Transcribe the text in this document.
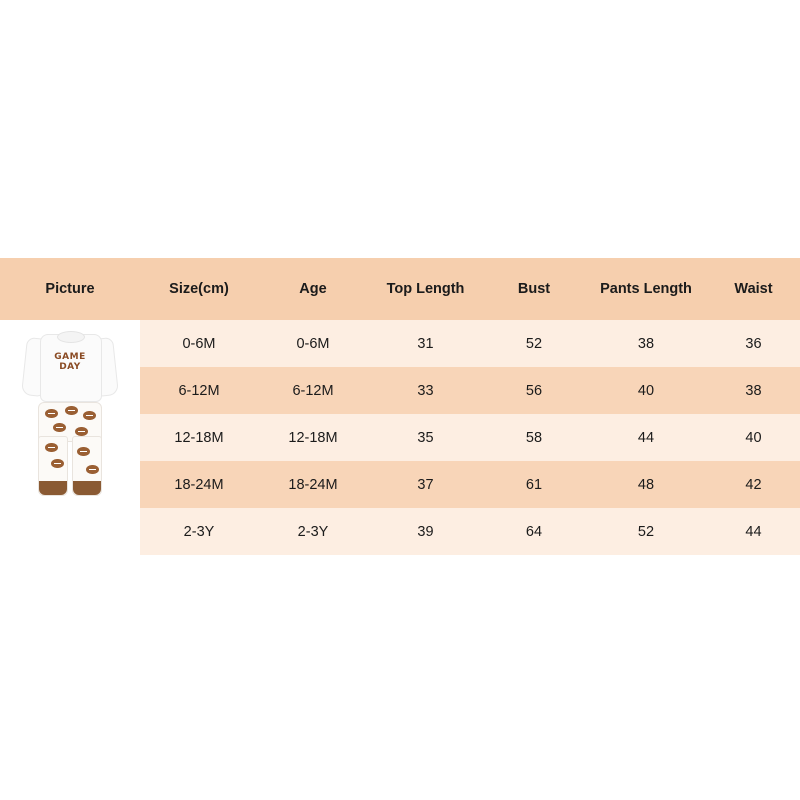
Picture	Size(cm)	Age	Top Length	Bust	Pants Length	Waist

GAME
DAY	0-6M	0-6M	31	52	38	36
	6-12M	6-12M	33	56	40	38
	12-18M	12-18M	35	58	44	40
	18-24M	18-24M	37	61	48	42
	2-3Y	2-3Y	39	64	52	44
